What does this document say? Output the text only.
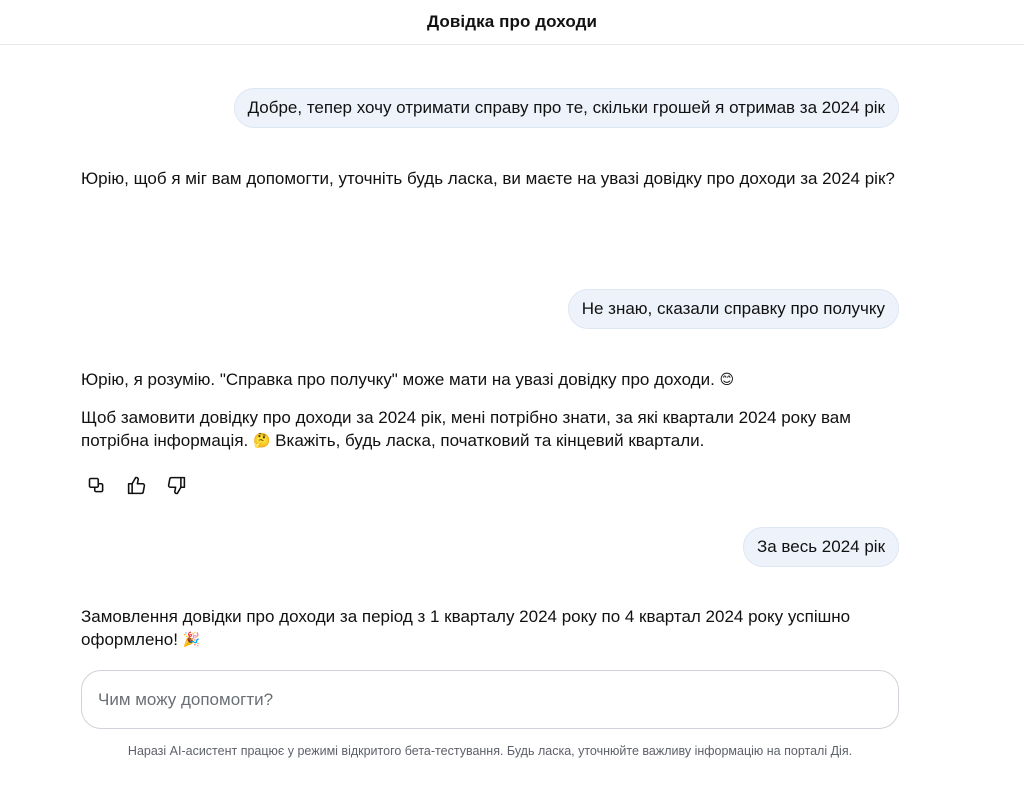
Довідка про доходи
Добре, тепер хочу отримати справу про те, скільки грошей я отримав за 2024 рік

Юрію, щоб я міг вам допомогти, уточніть будь ласка, ви маєте на увазі довідку про доходи за 2024 рік?

Не знаю, сказали справку про получку

Юрію, я розумію. "Справка про получку" може мати на увазі довідку про доходи. 😊

Щоб замовити довідку про доходи за 2024 рік, мені потрібно знати, за які квартали 2024 року вам потрібна інформація. 🤔 Вкажіть, будь ласка, початковий та кінцевий квартали.

За весь 2024 рік

Замовлення довідки про доходи за період з 1 кварталу 2024 року по 4 квартал 2024 року успішно оформлено! 🎉

Чим можу допомогти?
Наразі AI-асистент працює у режимі відкритого бета-тестування. Будь ласка, уточнюйте важливу інформацію на порталі Дія.
